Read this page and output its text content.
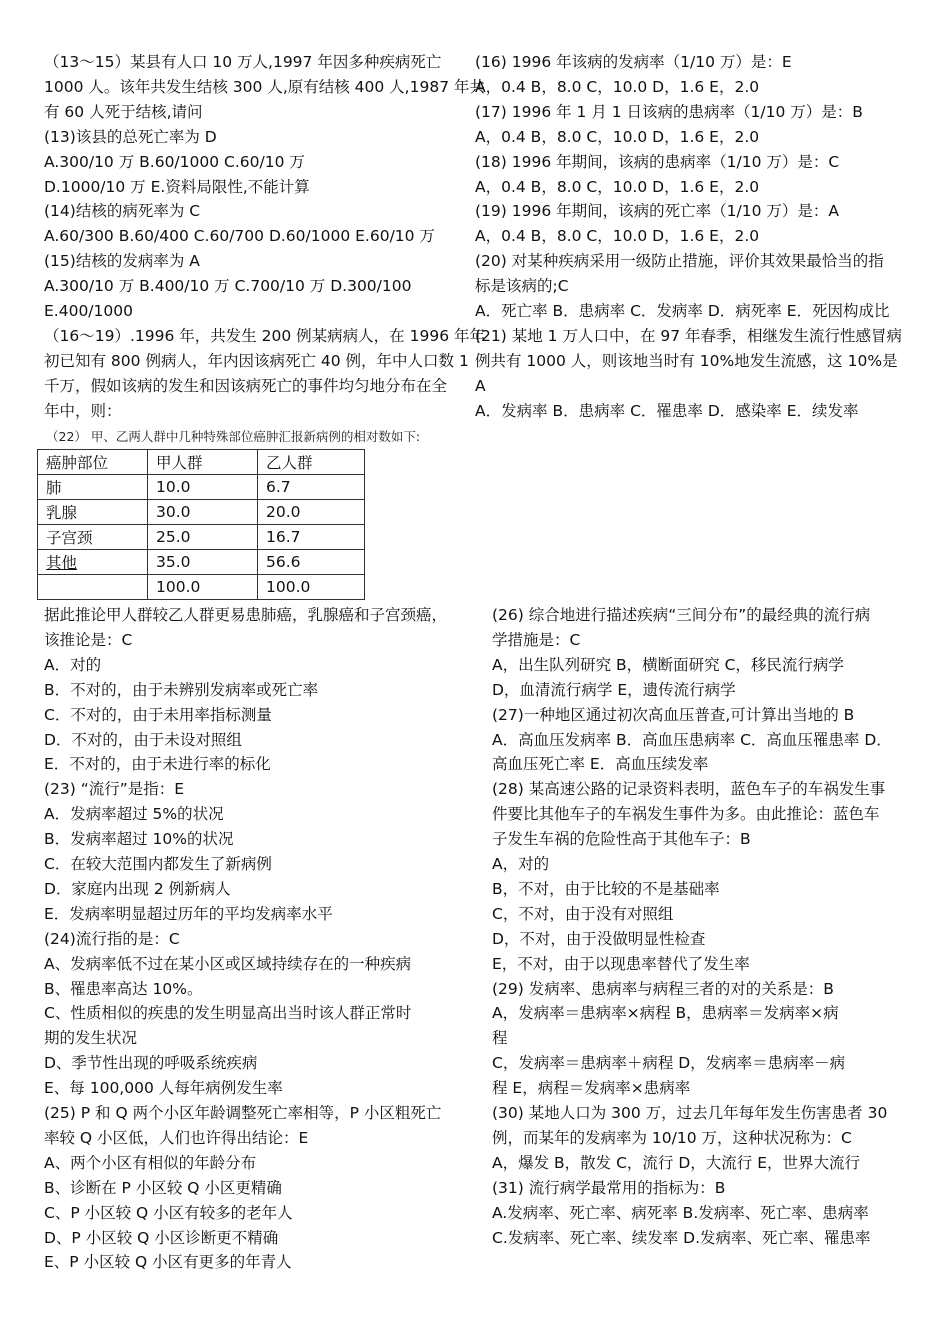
（13～15）某县有人口 10 万人,1997 年因多种疾病死亡
1000 人。该年共发生结核 300 人,原有结核 400 人,1987 年共
有 60 人死于结核,请问
(13)该县的总死亡率为 D
A.300/10 万 B.60/1000 C.60/10 万
D.1000/10 万 E.资料局限性,不能计算
(14)结核的病死率为 C
A.60/300 B.60/400 C.60/700 D.60/1000 E.60/10 万
(15)结核的发病率为 A
A.300/10 万 B.400/10 万 C.700/10 万 D.300/100
E.400/1000
（16～19）.1996 年，共发生 200 例某病病人，在 1996 年年
初已知有 800 例病人，年内因该病死亡 40 例，年中人口数 1
千万，假如该病的发生和因该病死亡的事件均匀地分布在全
年中，则：
(16) 1996 年该病的发病率（1/10 万）是：E
A，0.4 B，8.0 C，10.0 D，1.6 E，2.0
(17) 1996 年 1 月 1 日该病的患病率（1/10 万）是：B
A，0.4 B，8.0 C，10.0 D，1.6 E，2.0
(18) 1996 年期间，该病的患病率（1/10 万）是：C
A，0.4 B，8.0 C，10.0 D，1.6 E，2.0
(19) 1996 年期间，该病的死亡率（1/10 万）是：A
A，0.4 B，8.0 C，10.0 D，1.6 E，2.0
(20) 对某种疾病采用一级防止措施，评价其效果最恰当的指
标是该病的;C
A．死亡率 B．患病率 C．发病率 D．病死率 E．死因构成比
(21) 某地 1 万人口中，在 97 年春季，相继发生流行性感冒病
例共有 1000 人，则该地当时有 10%地发生流感，这 10%是
A
A．发病率 B．患病率 C．罹患率 D．感染率 E．续发率
据此推论甲人群较乙人群更易患肺癌，乳腺癌和子宫颈癌，
该推论是：C
A．对的
B．不对的，由于未辨别发病率或死亡率
C．不对的，由于未用率指标测量
D．不对的，由于未设对照组
E．不对的，由于未进行率的标化
(23) “流行”是指：E
A．发病率超过 5%的状况
B．发病率超过 10%的状况
C．在较大范围内都发生了新病例
D．家庭内出现 2 例新病人
E．发病率明显超过历年的平均发病率水平
(24)流行指的是：C
A、发病率低不过在某小区或区域持续存在的一种疾病
B、罹患率高达 10%。
C、性质相似的疾患的发生明显高出当时该人群正常时
期的发生状况
D、季节性出现的呼吸系统疾病
E、每 100,000 人每年病例发生率
(25) P 和 Q 两个小区年龄调整死亡率相等，P 小区粗死亡
率较 Q 小区低，人们也许得出结论：E
A、两个小区有相似的年龄分布
B、诊断在 P 小区较 Q 小区更精确
C、P 小区较 Q 小区有较多的老年人
D、P 小区较 Q 小区诊断更不精确
E、P 小区较 Q 小区有更多的年青人
(26) 综合地进行描述疾病“三间分布”的最经典的流行病
学措施是：C
A，出生队列研究 B，横断面研究 C，移民流行病学
D，血清流行病学 E，遗传流行病学
(27)一种地区通过初次高血压普查,可计算出当地的 B
A．高血压发病率 B．高血压患病率 C．高血压罹患率 D．
高血压死亡率 E．高血压续发率
(28) 某高速公路的记录资料表明，蓝色车子的车祸发生事
件要比其他车子的车祸发生事件为多。由此推论：蓝色车
子发生车祸的危险性高于其他车子：B
A，对的
B，不对，由于比较的不是基础率
C，不对，由于没有对照组
D，不对，由于没做明显性检查
E，不对，由于以现患率替代了发生率
(29) 发病率、患病率与病程三者的对的关系是：B
A，发病率＝患病率×病程 B，患病率＝发病率×病
程
C，发病率＝患病率＋病程 D，发病率＝患病率－病
程 E，病程＝发病率×患病率
(30) 某地人口为 300 万，过去几年每年发生伤害患者 30
例，而某年的发病率为 10/10 万，这种状况称为：C
A，爆发 B，散发 C，流行 D，大流行 E，世界大流行
(31) 流行病学最常用的指标为：B
A.发病率、死亡率、病死率 B.发病率、死亡率、患病率
C.发病率、死亡率、续发率 D.发病率、死亡率、罹患率
（22） 甲、乙两人群中几种特殊部位癌肿汇报新病例的相对数如下:
癌肿部位	甲人群	乙人群
肺	10.0	6.7
乳腺	30.0	20.0
子宫颈	25.0	16.7
其他	35.0	56.6
	100.0	100.0
